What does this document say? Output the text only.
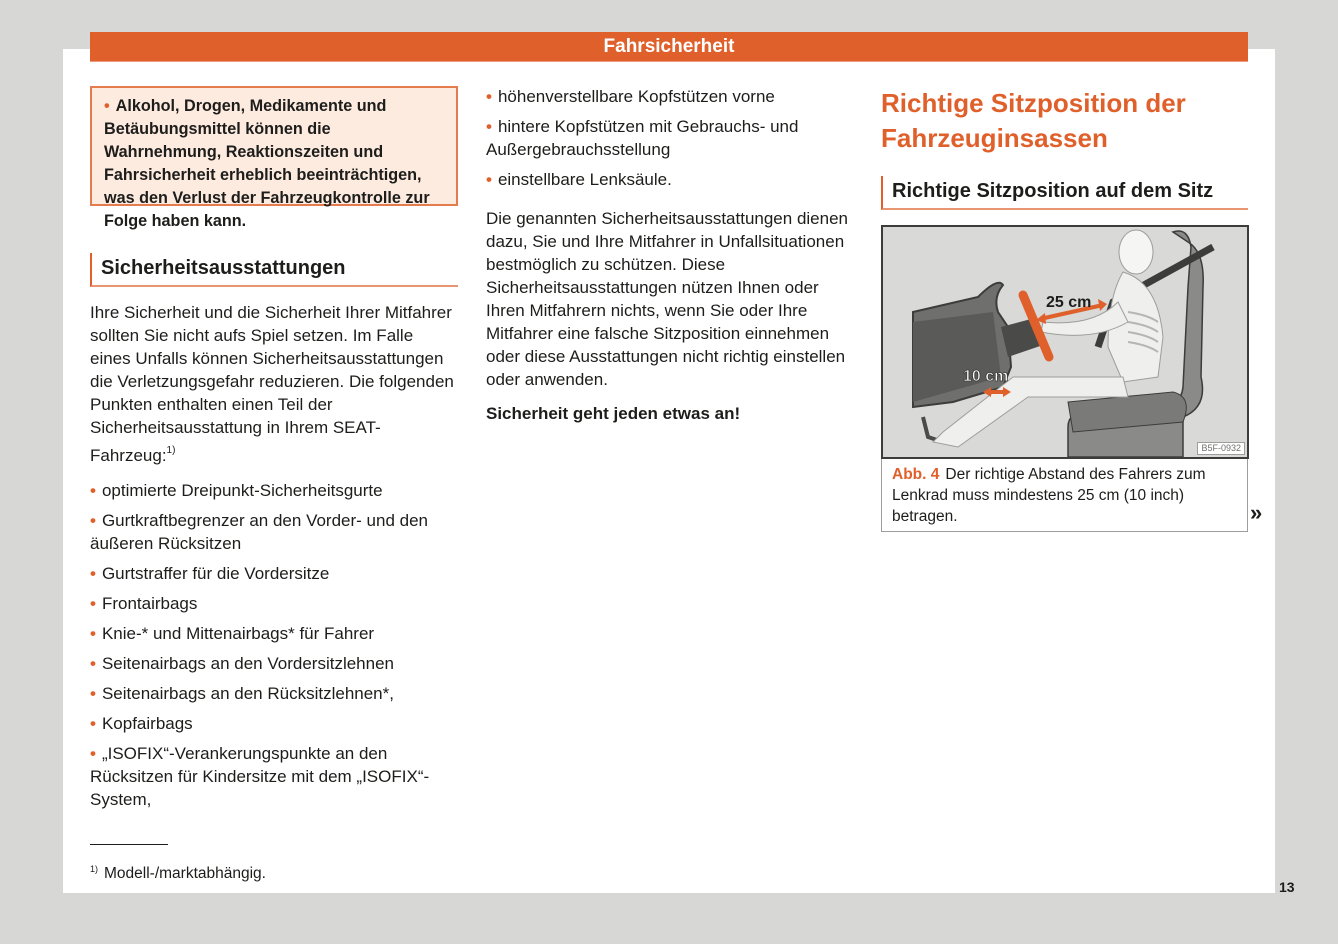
Fahrsicherheit
• Alkohol, Drogen, Medikamente und Betäubungsmittel können die Wahrnehmung, Reaktionszeiten und Fahrsicherheit erheblich beeinträchtigen, was den Verlust der Fahrzeugkontrolle zur Folge haben kann.
Sicherheitsausstattungen
Ihre Sicherheit und die Sicherheit Ihrer Mitfahrer sollten Sie nicht aufs Spiel setzen. Im Falle eines Unfalls können Sicherheitsausstattungen die Verletzungsgefahr reduzieren. Die folgenden Punkten enthalten einen Teil der Sicherheitsausstattung in Ihrem SEAT-Fahrzeug:$^{1)}$
• optimierte Dreipunkt-Sicherheitsgurte
• Gurtkraftbegrenzer an den Vorder- und den äußeren Rücksitzen
• Gurtstraffer für die Vordersitze
• Frontairbags
• Knie-* und Mittenairbags* für Fahrer
• Seitenairbags an den Vordersitzlehnen
• Seitenairbags an den Rücksitzlehnen*,
• Kopfairbags
• „ISOFIX“-Verankerungspunkte an den Rücksitzen für Kindersitze mit dem „ISOFIX“-System,
$^{1)}$ Modell-/marktabhängig.
• höhenverstellbare Kopfstützen vorne
• hintere Kopfstützen mit Gebrauchs- und Außergebrauchsstellung
• einstellbare Lenksäule.
Die genannten Sicherheitsausstattungen dienen dazu, Sie und Ihre Mitfahrer in Unfallsituationen bestmöglich zu schützen. Diese Sicherheitsausstattungen nützen Ihnen oder Ihren Mitfahrern nichts, wenn Sie oder Ihre Mitfahrer eine falsche Sitzposition einnehmen oder diese Ausstattungen nicht richtig einstellen oder anwenden.
Sicherheit geht jeden etwas an!
Richtige Sitzposition der Fahrzeuginsassen
Richtige Sitzposition auf dem Sitz
25 cm
10 cm
B5F-0932
Abb. 4 Der richtige Abstand des Fahrers zum Lenkrad muss mindestens 25 cm (10 inch) betragen.	»
13
